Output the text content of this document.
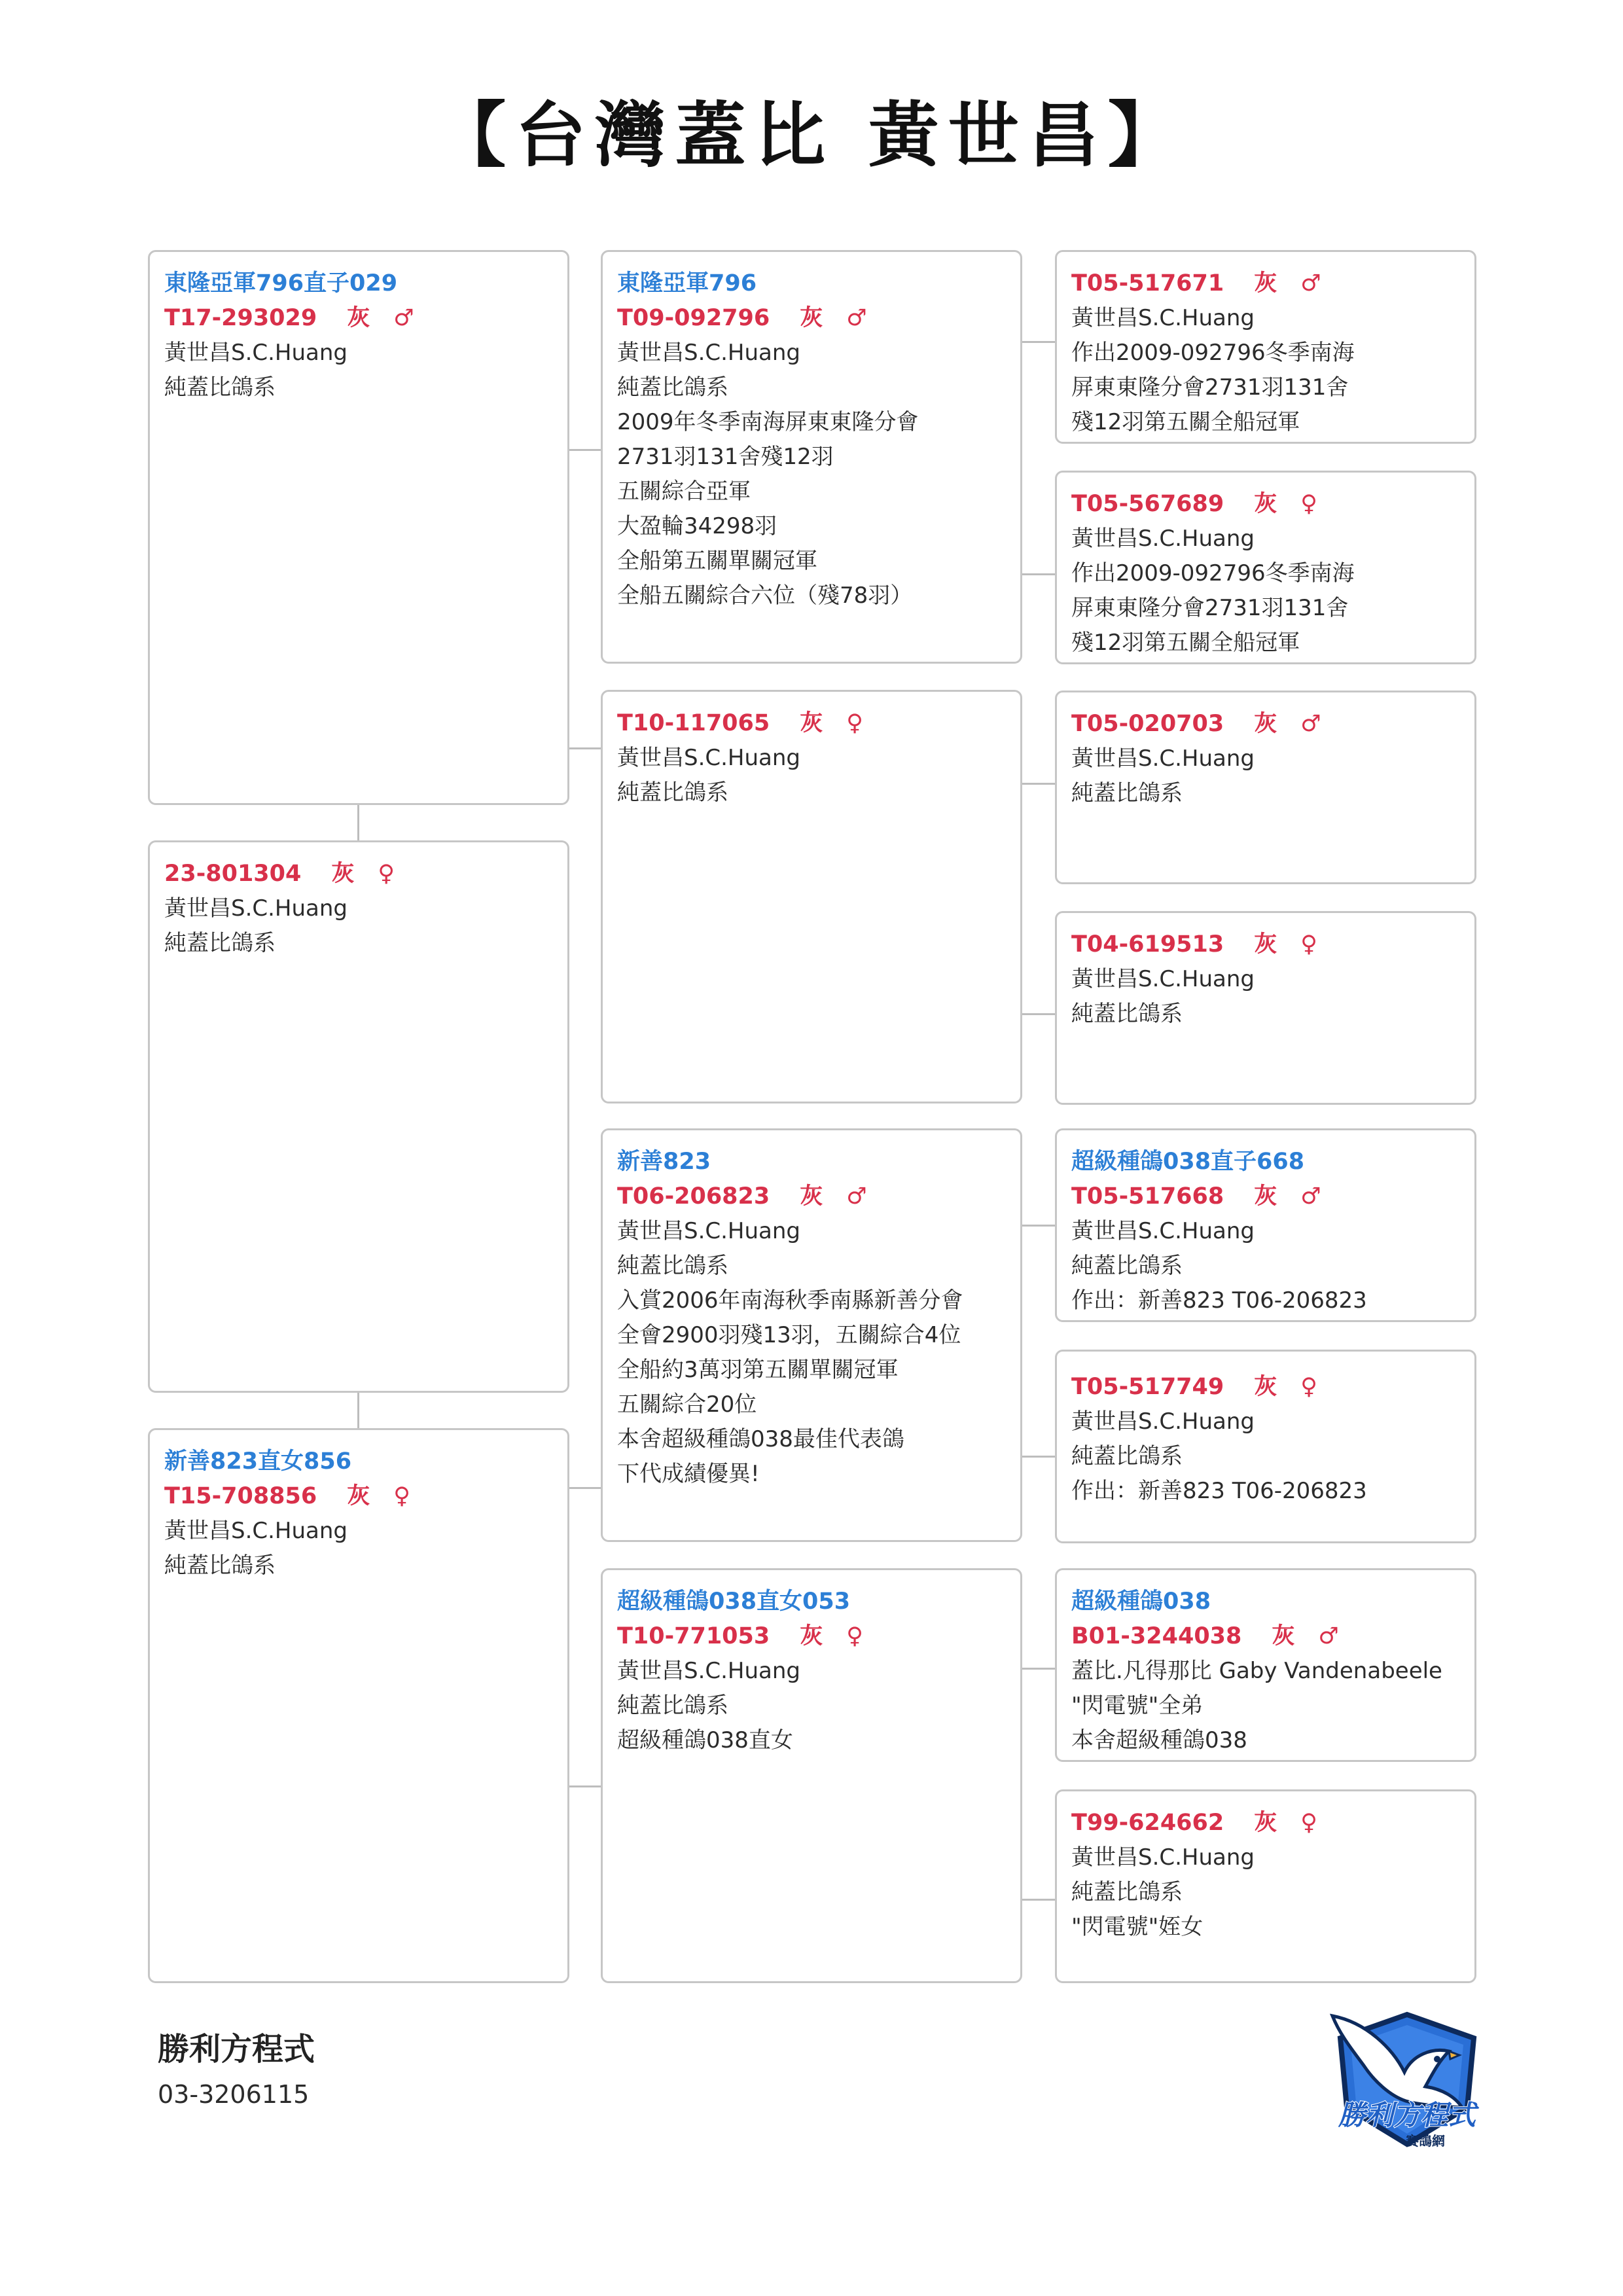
【台灣蓋比 黃世昌】
東隆亞軍796直子029
T17-293029 灰 ♂
黃世昌S.C.Huang
純蓋比鴿系
23-801304 灰 ♀
黃世昌S.C.Huang
純蓋比鴿系
新善823直女856
T15-708856 灰 ♀
黃世昌S.C.Huang
純蓋比鴿系
東隆亞軍796
T09-092796 灰 ♂
黃世昌S.C.Huang
純蓋比鴿系
2009年冬季南海屏東東隆分會
2731羽131舍殘12羽
五關綜合亞軍
大盈輪34298羽
全船第五關單關冠軍
全船五關綜合六位（殘78羽）
T10-117065 灰 ♀
黃世昌S.C.Huang
純蓋比鴿系
新善823
T06-206823 灰 ♂
黃世昌S.C.Huang
純蓋比鴿系
入賞2006年南海秋季南縣新善分會
全會2900羽殘13羽，五關綜合4位
全船約3萬羽第五關單關冠軍
五關綜合20位
本舍超級種鴿038最佳代表鴿
下代成績優異!
超級種鴿038直女053
T10-771053 灰 ♀
黃世昌S.C.Huang
純蓋比鴿系
超級種鴿038直女
T05-517671 灰 ♂
黃世昌S.C.Huang
作出2009-092796冬季南海
屏東東隆分會2731羽131舍
殘12羽第五關全船冠軍
T05-567689 灰 ♀
黃世昌S.C.Huang
作出2009-092796冬季南海
屏東東隆分會2731羽131舍
殘12羽第五關全船冠軍
T05-020703 灰 ♂
黃世昌S.C.Huang
純蓋比鴿系
T04-619513 灰 ♀
黃世昌S.C.Huang
純蓋比鴿系
超級種鴿038直子668
T05-517668 灰 ♂
黃世昌S.C.Huang
純蓋比鴿系
作出：新善823 T06-206823
T05-517749 灰 ♀
黃世昌S.C.Huang
純蓋比鴿系
作出：新善823 T06-206823
超級種鴿038
B01-3244038 灰 ♂
蓋比.凡得那比 Gaby Vandenabeele
"閃電號"全弟
本舍超級種鴿038
T99-624662 灰 ♀
黃世昌S.C.Huang
純蓋比鴿系
"閃電號"姪女
勝利方程式
03-3206115
勝利方程式
賽鴿網
